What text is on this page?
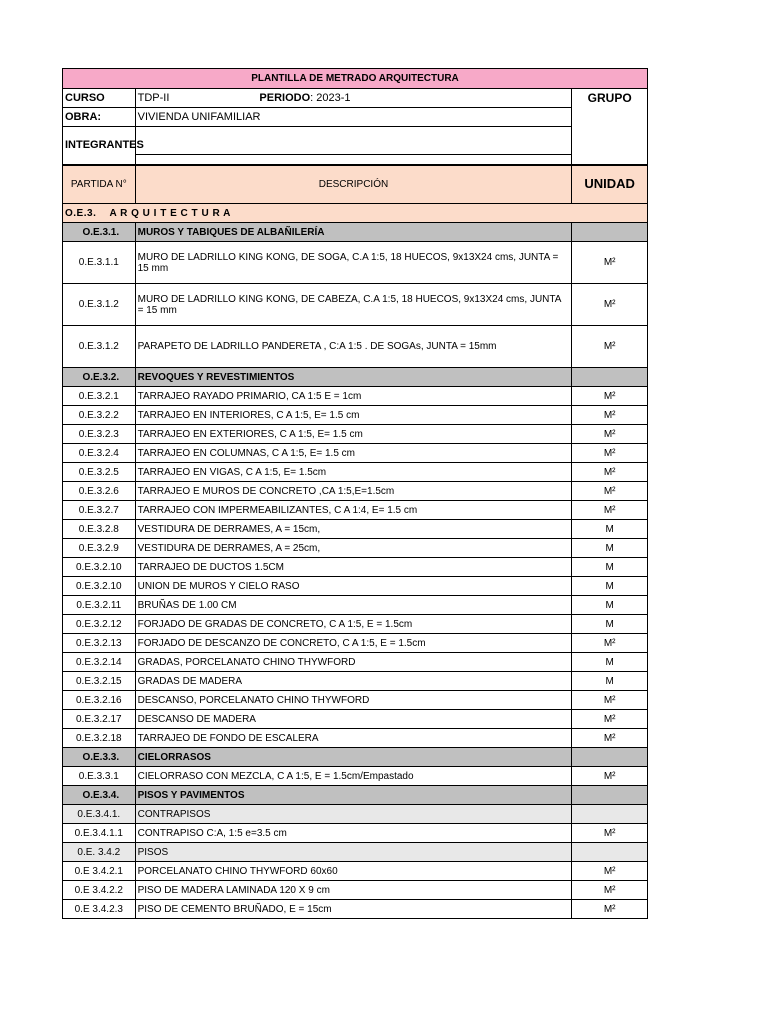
PLANTILLA DE METRADO ARQUITECTURA		
CURSO	TDP-II PERIODO: 2023-1	GRUPO
OBRA:	VIVIENDA UNIFAMILIAR	
INTEGRANTES		

PARTIDA N°	DESCRIPCIÓN	UNIDAD
O.E.3. A R Q U I T E C T U R A		
O.E.3.1.	MUROS Y TABIQUES DE ALBAÑILERÍA	
0.E.3.1.1	MURO DE LADRILLO KING KONG, DE SOGA, C.A 1:5, 18 HUECOS, 9x13X24 cms, JUNTA = 15 mm	M²
0.E.3.1.2	MURO DE LADRILLO KING KONG, DE CABEZA, C.A 1:5, 18 HUECOS, 9x13X24 cms, JUNTA = 15 mm	M²
0.E.3.1.2	PARAPETO DE LADRILLO PANDERETA , C:A 1:5 . DE SOGAs, JUNTA = 15mm	M²
O.E.3.2.	REVOQUES Y REVESTIMIENTOS	
0.E.3.2.1	TARRAJEO RAYADO PRIMARIO, CA 1:5 E = 1cm	M²
0.E.3.2.2	TARRAJEO EN INTERIORES, C A 1:5, E= 1.5 cm	M²
0.E.3.2.3	TARRAJEO EN EXTERIORES, C A 1:5, E= 1.5 cm	M²
0.E.3.2.4	TARRAJEO EN COLUMNAS, C A 1:5, E= 1.5 cm	M²
0.E.3.2.5	TARRAJEO EN VIGAS, C A 1:5, E= 1.5cm	M²
0.E.3.2.6	TARRAJEO E MUROS DE CONCRETO ,CA 1:5,E=1.5cm	M²
0.E.3.2.7	TARRAJEO CON IMPERMEABILIZANTES, C A 1:4, E= 1.5 cm	M²
0.E.3.2.8	VESTIDURA DE DERRAMES, A = 15cm,	M
0.E.3.2.9	VESTIDURA DE DERRAMES, A = 25cm,	M
0.E.3.2.10	TARRAJEO DE DUCTOS 1.5CM	M
0.E.3.2.10	UNION DE MUROS Y CIELO RASO	M
0.E.3.2.11	BRUÑAS DE 1.00 CM	M
0.E.3.2.12	FORJADO DE GRADAS DE CONCRETO, C A 1:5, E = 1.5cm	M
0.E.3.2.13	FORJADO DE DESCANZO DE CONCRETO, C A 1:5, E = 1.5cm	M²
0.E.3.2.14	GRADAS, PORCELANATO CHINO THYWFORD	M
0.E.3.2.15	GRADAS DE MADERA	M
0.E.3.2.16	DESCANSO, PORCELANATO CHINO THYWFORD	M²
0.E.3.2.17	DESCANSO DE MADERA	M²
0.E.3.2.18	TARRAJEO DE FONDO DE ESCALERA	M²
O.E.3.3.	CIELORRASOS	
0.E.3.3.1	CIELORRASO CON MEZCLA, C A 1:5, E = 1.5cm/Empastado	M²
O.E.3.4.	PISOS Y PAVIMENTOS	
0.E.3.4.1.	CONTRAPISOS	
0.E.3.4.1.1	CONTRAPISO C:A, 1:5 e=3.5 cm	M²
0.E. 3.4.2	PISOS	
0.E 3.4.2.1	PORCELANATO CHINO THYWFORD 60x60	M²
0.E 3.4.2.2	PISO DE MADERA LAMINADA 120 X 9 cm	M²
0.E 3.4.2.3	PISO DE CEMENTO BRUÑADO, E = 15cm	M²
